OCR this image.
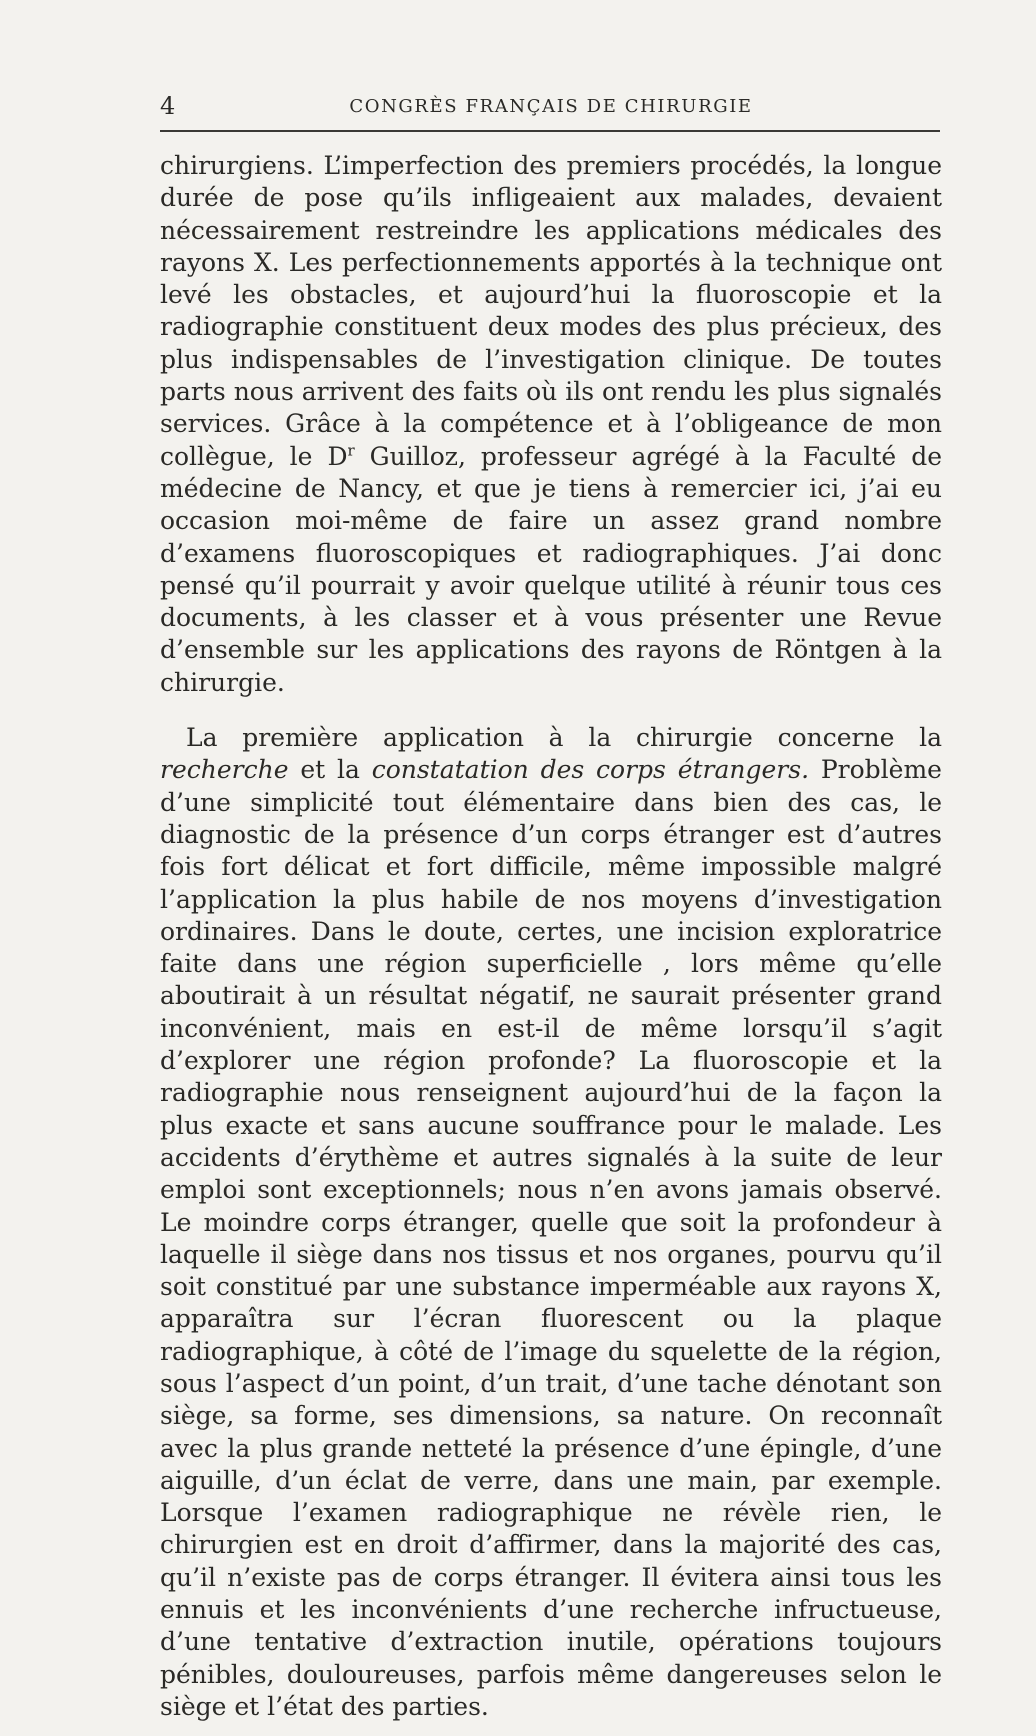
4	CONGRÈS FRANÇAIS DE CHIRURGIE

chirurgiens. L’imperfection des premiers procédés, la longue durée de pose qu’ils infligeaient aux malades, devaient nécessairement restreindre les applications médicales des rayons X. Les perfectionnements apportés à la technique ont levé les obstacles, et aujourd’hui la fluoroscopie et la radiographie constituent deux modes des plus précieux, des plus indispensables de l’investigation clinique. De toutes parts nous arrivent des faits où ils ont rendu les plus signalés services. Grâce à la compétence et à l’obligeance de mon collègue, le $D^r$ Guilloz, professeur agrégé à la Faculté de médecine de Nancy, et que je tiens à remercier ici, j’ai eu occasion moi-même de faire un assez grand nombre d’examens fluoroscopiques et radiographiques. J’ai donc pensé qu’il pourrait y avoir quelque utilité à réunir tous ces documents, à les classer et à vous présenter une Revue d’ensemble sur les applications des rayons de Röntgen à la chirurgie.

La première application à la chirurgie concerne la recherche et la constatation des corps étrangers. Problème d’une simplicité tout élémentaire dans bien des cas, le diagnostic de la présence d’un corps étranger est d’autres fois fort délicat et fort difficile, même impossible malgré l’application la plus habile de nos moyens d’investigation ordinaires. Dans le doute, certes, une incision exploratrice faite dans une région superficielle , lors même qu’elle aboutirait à un résultat négatif, ne saurait présenter grand inconvénient, mais en est-il de même lorsqu’il s’agit d’explorer une région profonde? La fluoroscopie et la radiographie nous renseignent aujourd’hui de la façon la plus exacte et sans aucune souffrance pour le malade. Les accidents d’érythème et autres signalés à la suite de leur emploi sont exceptionnels; nous n’en avons jamais observé. Le moindre corps étranger, quelle que soit la profondeur à laquelle il siège dans nos tissus et nos organes, pourvu qu’il soit constitué par une substance imperméable aux rayons X, apparaîtra sur l’écran fluorescent ou la plaque radiographique, à côté de l’image du squelette de la région, sous l’aspect d’un point, d’un trait, d’une tache dénotant son siège, sa forme, ses dimensions, sa nature. On reconnaît avec la plus grande netteté la présence d’une épingle, d’une aiguille, d’un éclat de verre, dans une main, par exemple. Lorsque l’examen radiographique ne révèle rien, le chirurgien est en droit d’affirmer, dans la majorité des cas, qu’il n’existe pas de corps étranger. Il évitera ainsi tous les ennuis et les inconvénients d’une recherche infructueuse, d’une tentative d’extraction inutile, opérations toujours pénibles, douloureuses, parfois même dangereuses selon le siège et l’état des parties.
